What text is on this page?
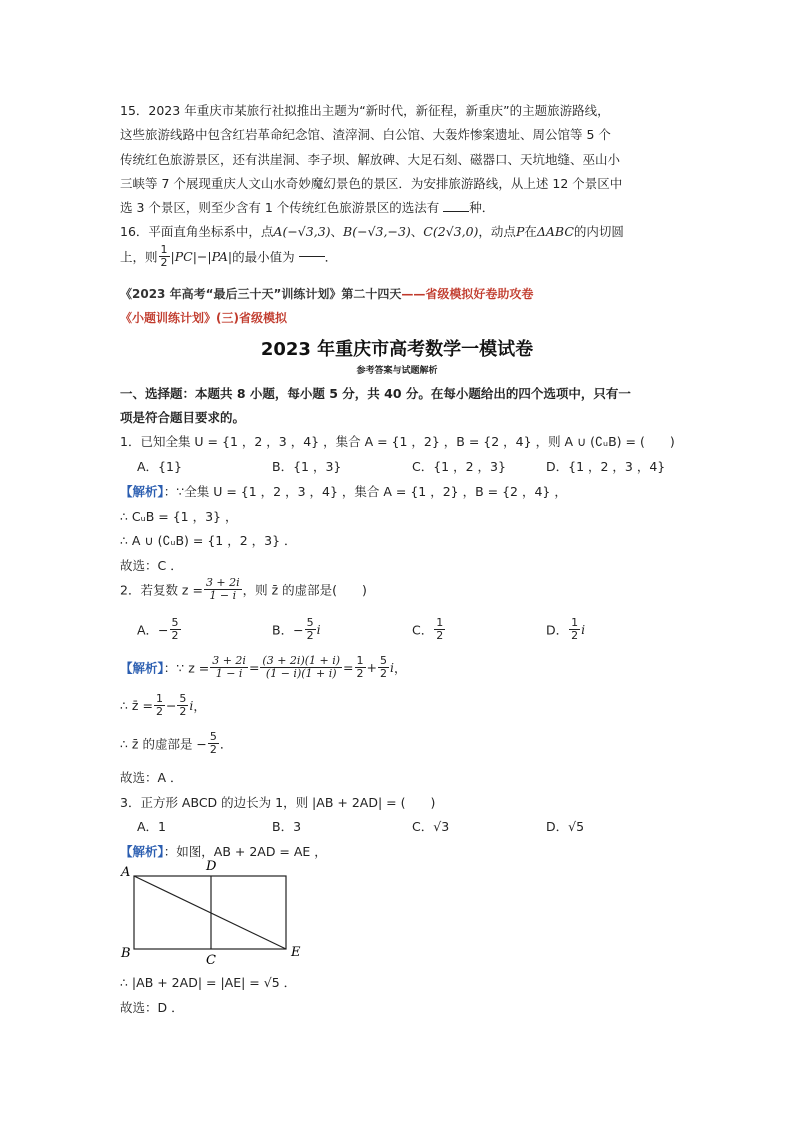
15．2023 年重庆市某旅行社拟推出主题为“新时代，新征程，新重庆”的主题旅游路线，
这些旅游线路中包含红岩革命纪念馆、渣滓洞、白公馆、大轰炸惨案遗址、周公馆等 5 个
传统红色旅游景区，还有洪崖洞、李子坝、解放碑、大足石刻、磁器口、天坑地缝、巫山小
三峡等 7 个展现重庆人文山水奇妙魔幻景色的景区．为安排旅游路线，从上述 12 个景区中
选 3 个景区，则至少含有 1 个传统红色旅游景区的选法有 种．
16．平面直角坐标系中，点A(−√3,3)、B(−√3,−3)、C(2√3,0)，动点P在ΔABC的内切圆
上，则 $\frac{1}{2} |PC|-|PA|$的最小值为 ．
《2023 年高考“最后三十天”训练计划》第二十四天——省级模拟好卷助攻卷
《小题训练计划》(三)省级模拟
2023 年重庆市高考数学一模试卷
参考答案与试题解析
一、选择题：本题共 8 小题，每小题 5 分，共 40 分。在每小题给出的四个选项中，只有一
项是符合题目要求的。
1．已知全集 U = {1 ，2 ，3 ，4} ，集合 A = {1 ，2} ，B = {2 ，4} ，则 A ∪ (∁ᵤB) = (　　)
A．{1}	B．{1 ，3}	C．{1 ，2 ，3}	D．{1 ，2 ，3 ，4}
【解析】：∵全集 U = {1 ，2 ，3 ，4} ，集合 A = {1 ，2} ，B = {2 ，4} ，
∴ CᵤB = {1 ，3} ，
∴ A ∪ (∁ᵤB) = {1 ，2 ，3} ．
故选：C ．
2．若复数 $z = \frac{3 + 2i}{1 - i}$ ，则 z̄ 的虚部是(　　)
A．− $\frac{5}{2}$	B．− $\frac{5}{2}$ i	C． $\frac{1}{2}$	D． $\frac{1}{2}$ i
【解析】：∵ $z = \frac{3 + 2i}{1 - i} = \frac{(3 + 2i)(1 + i)}{(1 - i)(1 + i)} = \frac{1}{2} + \frac{5}{2}$ i，
∴ z̄ = $\frac{1}{2} - \frac{5}{2}$ i，
∴ z̄ 的虚部是 − $\frac{5}{2}$ ．
故选：A ．
3．正方形 ABCD 的边长为 1，则 |AB + 2AD| = (　　)
A．1	B．3	C．√3	D．√5
【解析】：如图，AB + 2AD = AE ，
A	D
B	C
E
∴ |AB + 2AD| = |AE| = √5 ．
故选：D ．
